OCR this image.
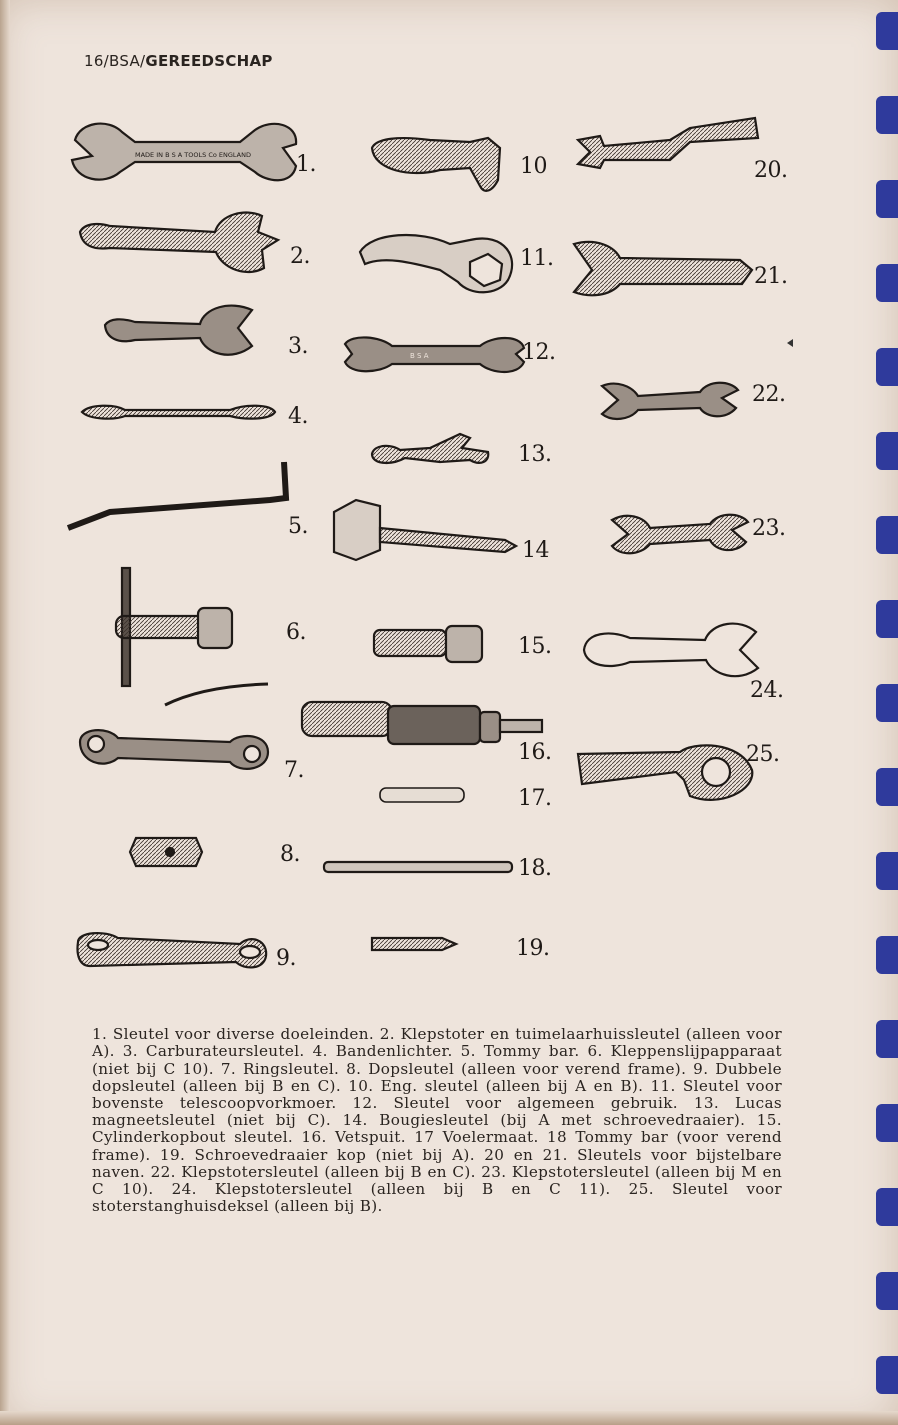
16/BSA/GEREEDSCHAP
MADE IN B S A TOOLS Co ENGLAND
B S A
1.
2.
3.
4.
5.
6.
7.
8.
9.
10
11.
12.
13.
14
15.
16.
17.
18.
19.
20.
21.
22.
23.
24.
25.

1. Sleutel voor diverse doeleinden. 2. Klepstoter en tuimelaarhuissleutel (alleen voor A). 3. Carburateursleutel. 4. Bandenlichter. 5. Tommy bar. 6. Kleppenslijpapparaat (niet bij C 10). 7. Ringsleutel. 8. Dopsleutel (alleen voor verend frame). 9. Dubbele dopsleutel (alleen bij B en C). 10. Eng. sleutel (alleen bij A en B). 11. Sleutel voor bovenste telescoopvorkmoer. 12. Sleutel voor algemeen gebruik. 13. Lucas magneetsleutel (niet bij C). 14. Bougiesleutel (bij A met schroevedraaier). 15. Cylinderkopbout sleutel. 16. Vetspuit. 17 Voelermaat. 18 Tommy bar (voor verend frame). 19. Schroevedraaier kop (niet bij A). 20 en 21. Sleutels voor bijstelbare naven. 22. Klepstotersleutel (alleen bij B en C). 23. Klepstotersleutel (alleen bij M en C 10). 24. Klepstotersleutel (alleen bij B en C 11). 25. Sleutel voor stoterstanghuisdeksel (alleen bij B).
